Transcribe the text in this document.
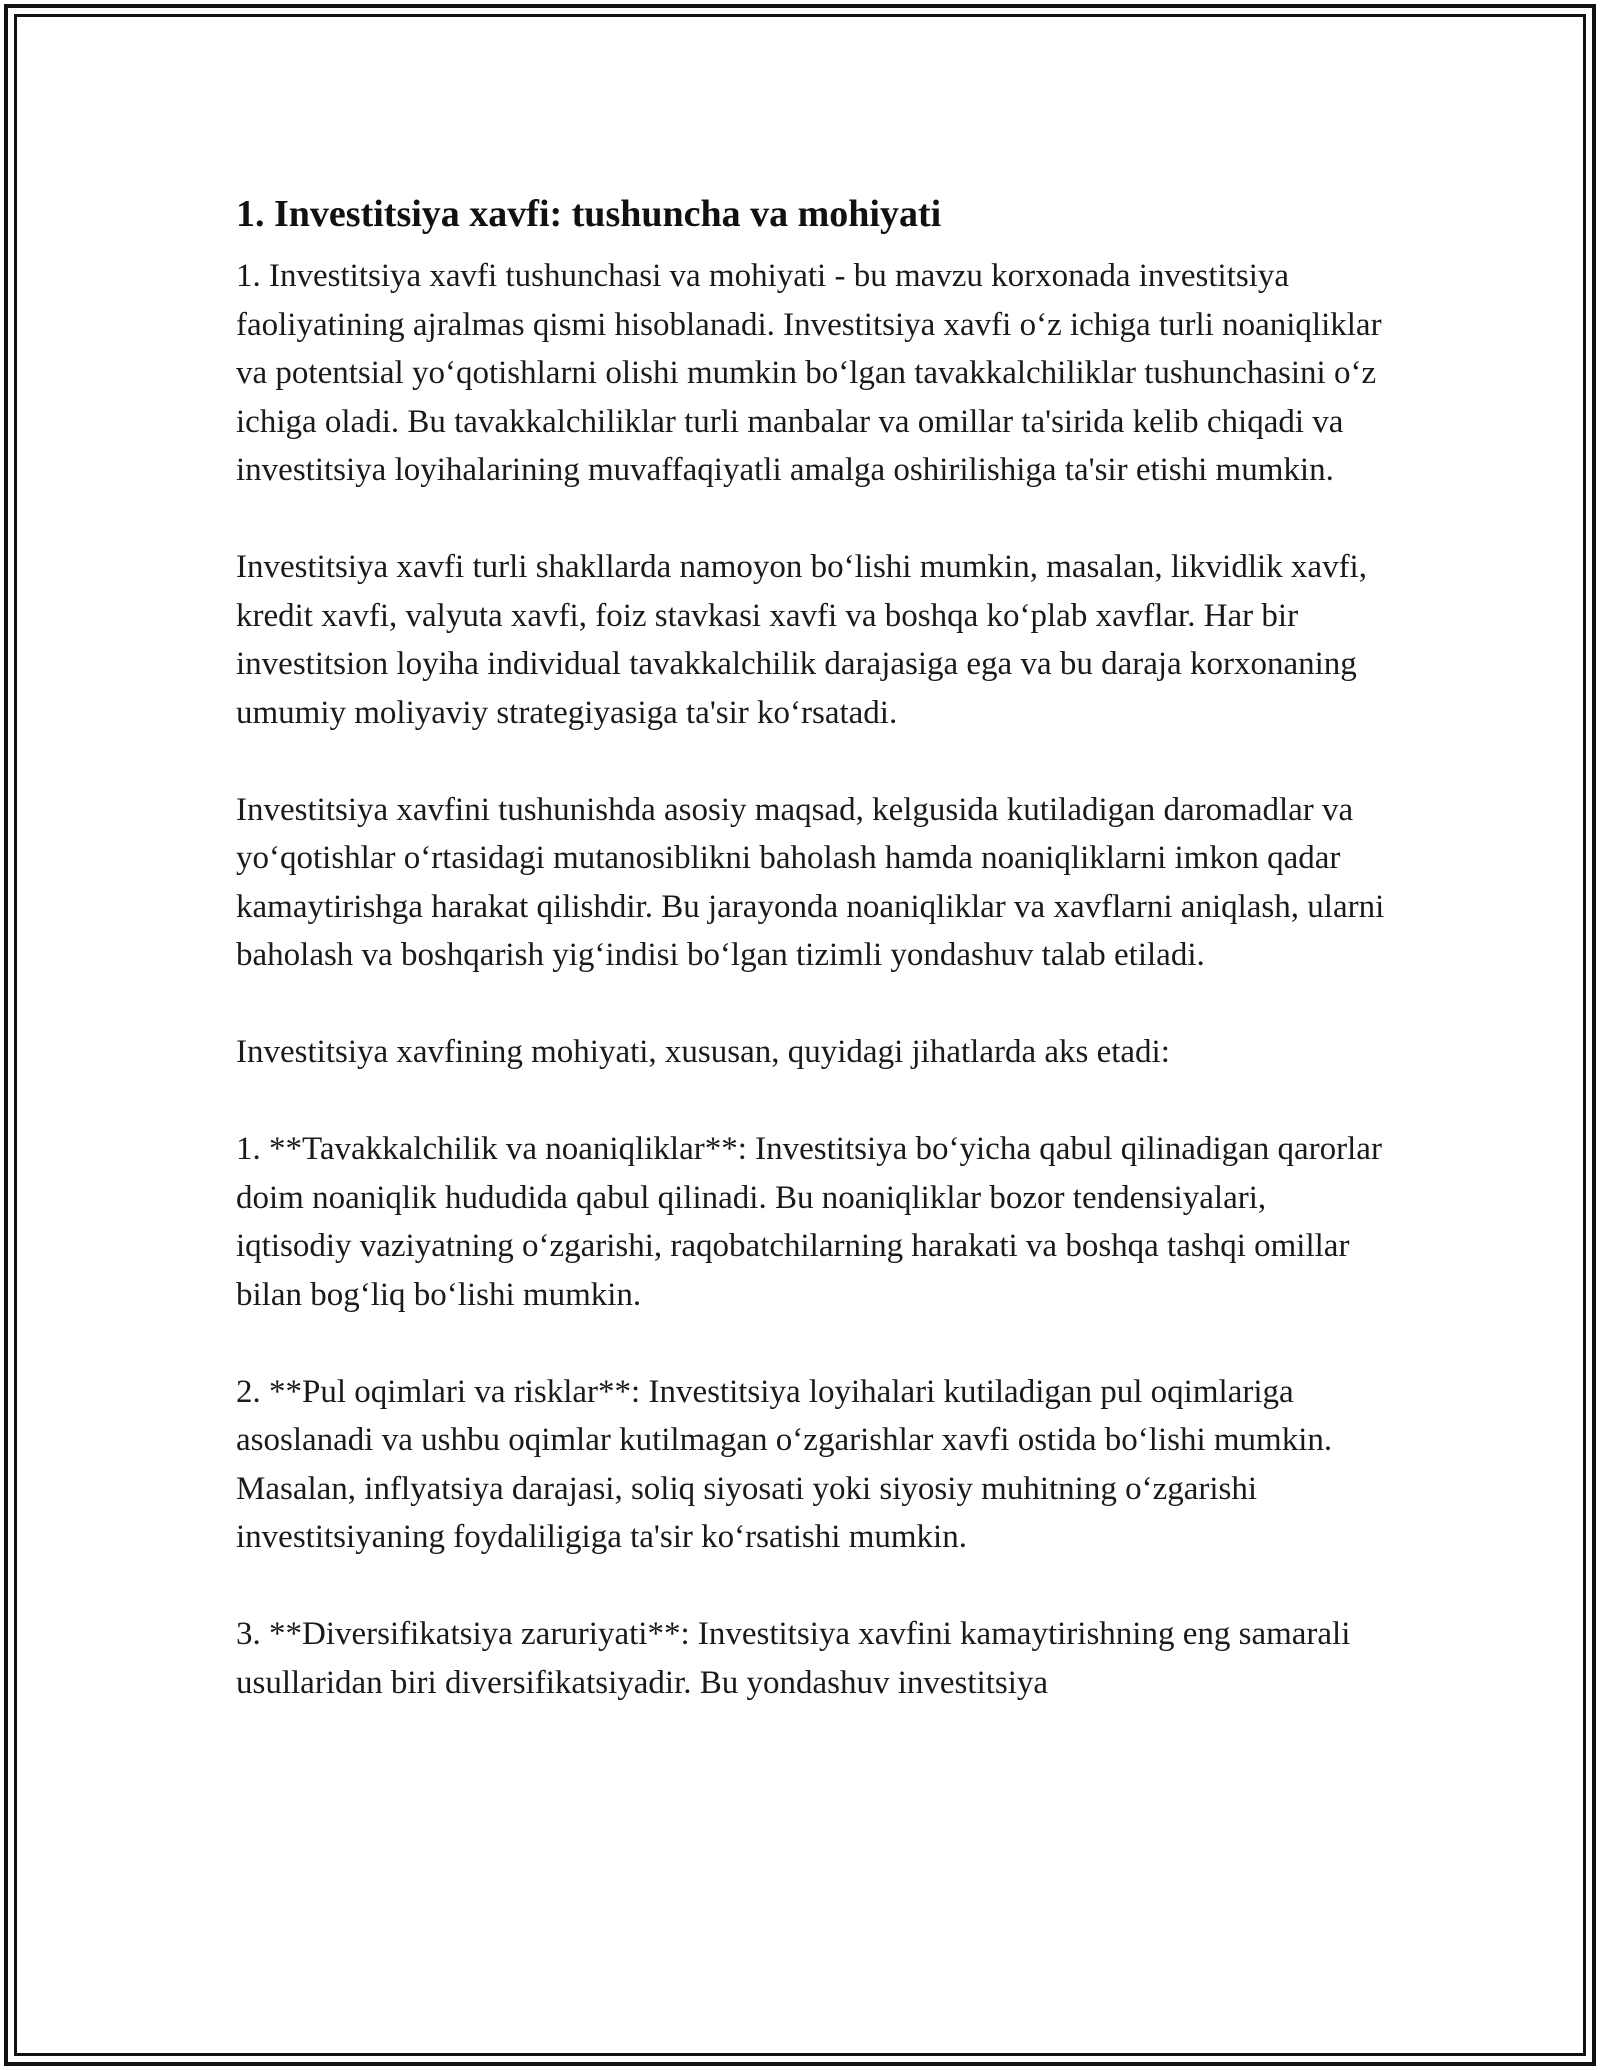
1. Investitsiya xavfi: tushuncha va mohiyati

1. Investitsiya xavfi tushunchasi va mohiyati - bu mavzu korxonada investitsiya faoliyatining ajralmas qismi hisoblanadi. Investitsiya xavfi o‘z ichiga turli noaniqliklar va potentsial yo‘qotishlarni olishi mumkin bo‘lgan tavakkalchiliklar tushunchasini o‘z ichiga oladi. Bu tavakkalchiliklar turli manbalar va omillar ta'sirida kelib chiqadi va investitsiya loyihalarining muvaffaqiyatli amalga oshirilishiga ta'sir etishi mumkin.

Investitsiya xavfi turli shakllarda namoyon bo‘lishi mumkin, masalan, likvidlik xavfi, kredit xavfi, valyuta xavfi, foiz stavkasi xavfi va boshqa ko‘plab xavflar. Har bir investitsion loyiha individual tavakkalchilik darajasiga ega va bu daraja korxonaning umumiy moliyaviy strategiyasiga ta'sir ko‘rsatadi.

Investitsiya xavfini tushunishda asosiy maqsad, kelgusida kutiladigan daromadlar va yo‘qotishlar o‘rtasidagi mutanosiblikni baholash hamda noaniqliklarni imkon qadar kamaytirishga harakat qilishdir. Bu jarayonda noaniqliklar va xavflarni aniqlash, ularni baholash va boshqarish yig‘indisi bo‘lgan tizimli yondashuv talab etiladi.

Investitsiya xavfining mohiyati, xususan, quyidagi jihatlarda aks etadi:

1. **Tavakkalchilik va noaniqliklar**: Investitsiya bo‘yicha qabul qilinadigan qarorlar doim noaniqlik hududida qabul qilinadi. Bu noaniqliklar bozor tendensiyalari, iqtisodiy vaziyatning o‘zgarishi, raqobatchilarning harakati va boshqa tashqi omillar bilan bog‘liq bo‘lishi mumkin.

2. **Pul oqimlari va risklar**: Investitsiya loyihalari kutiladigan pul oqimlariga asoslanadi va ushbu oqimlar kutilmagan o‘zgarishlar xavfi ostida bo‘lishi mumkin. Masalan, inflyatsiya darajasi, soliq siyosati yoki siyosiy muhitning o‘zgarishi investitsiyaning foydaliligiga ta'sir ko‘rsatishi mumkin.

3. **Diversifikatsiya zaruriyati**: Investitsiya xavfini kamaytirishning eng samarali usullaridan biri diversifikatsiyadir. Bu yondashuv investitsiya
